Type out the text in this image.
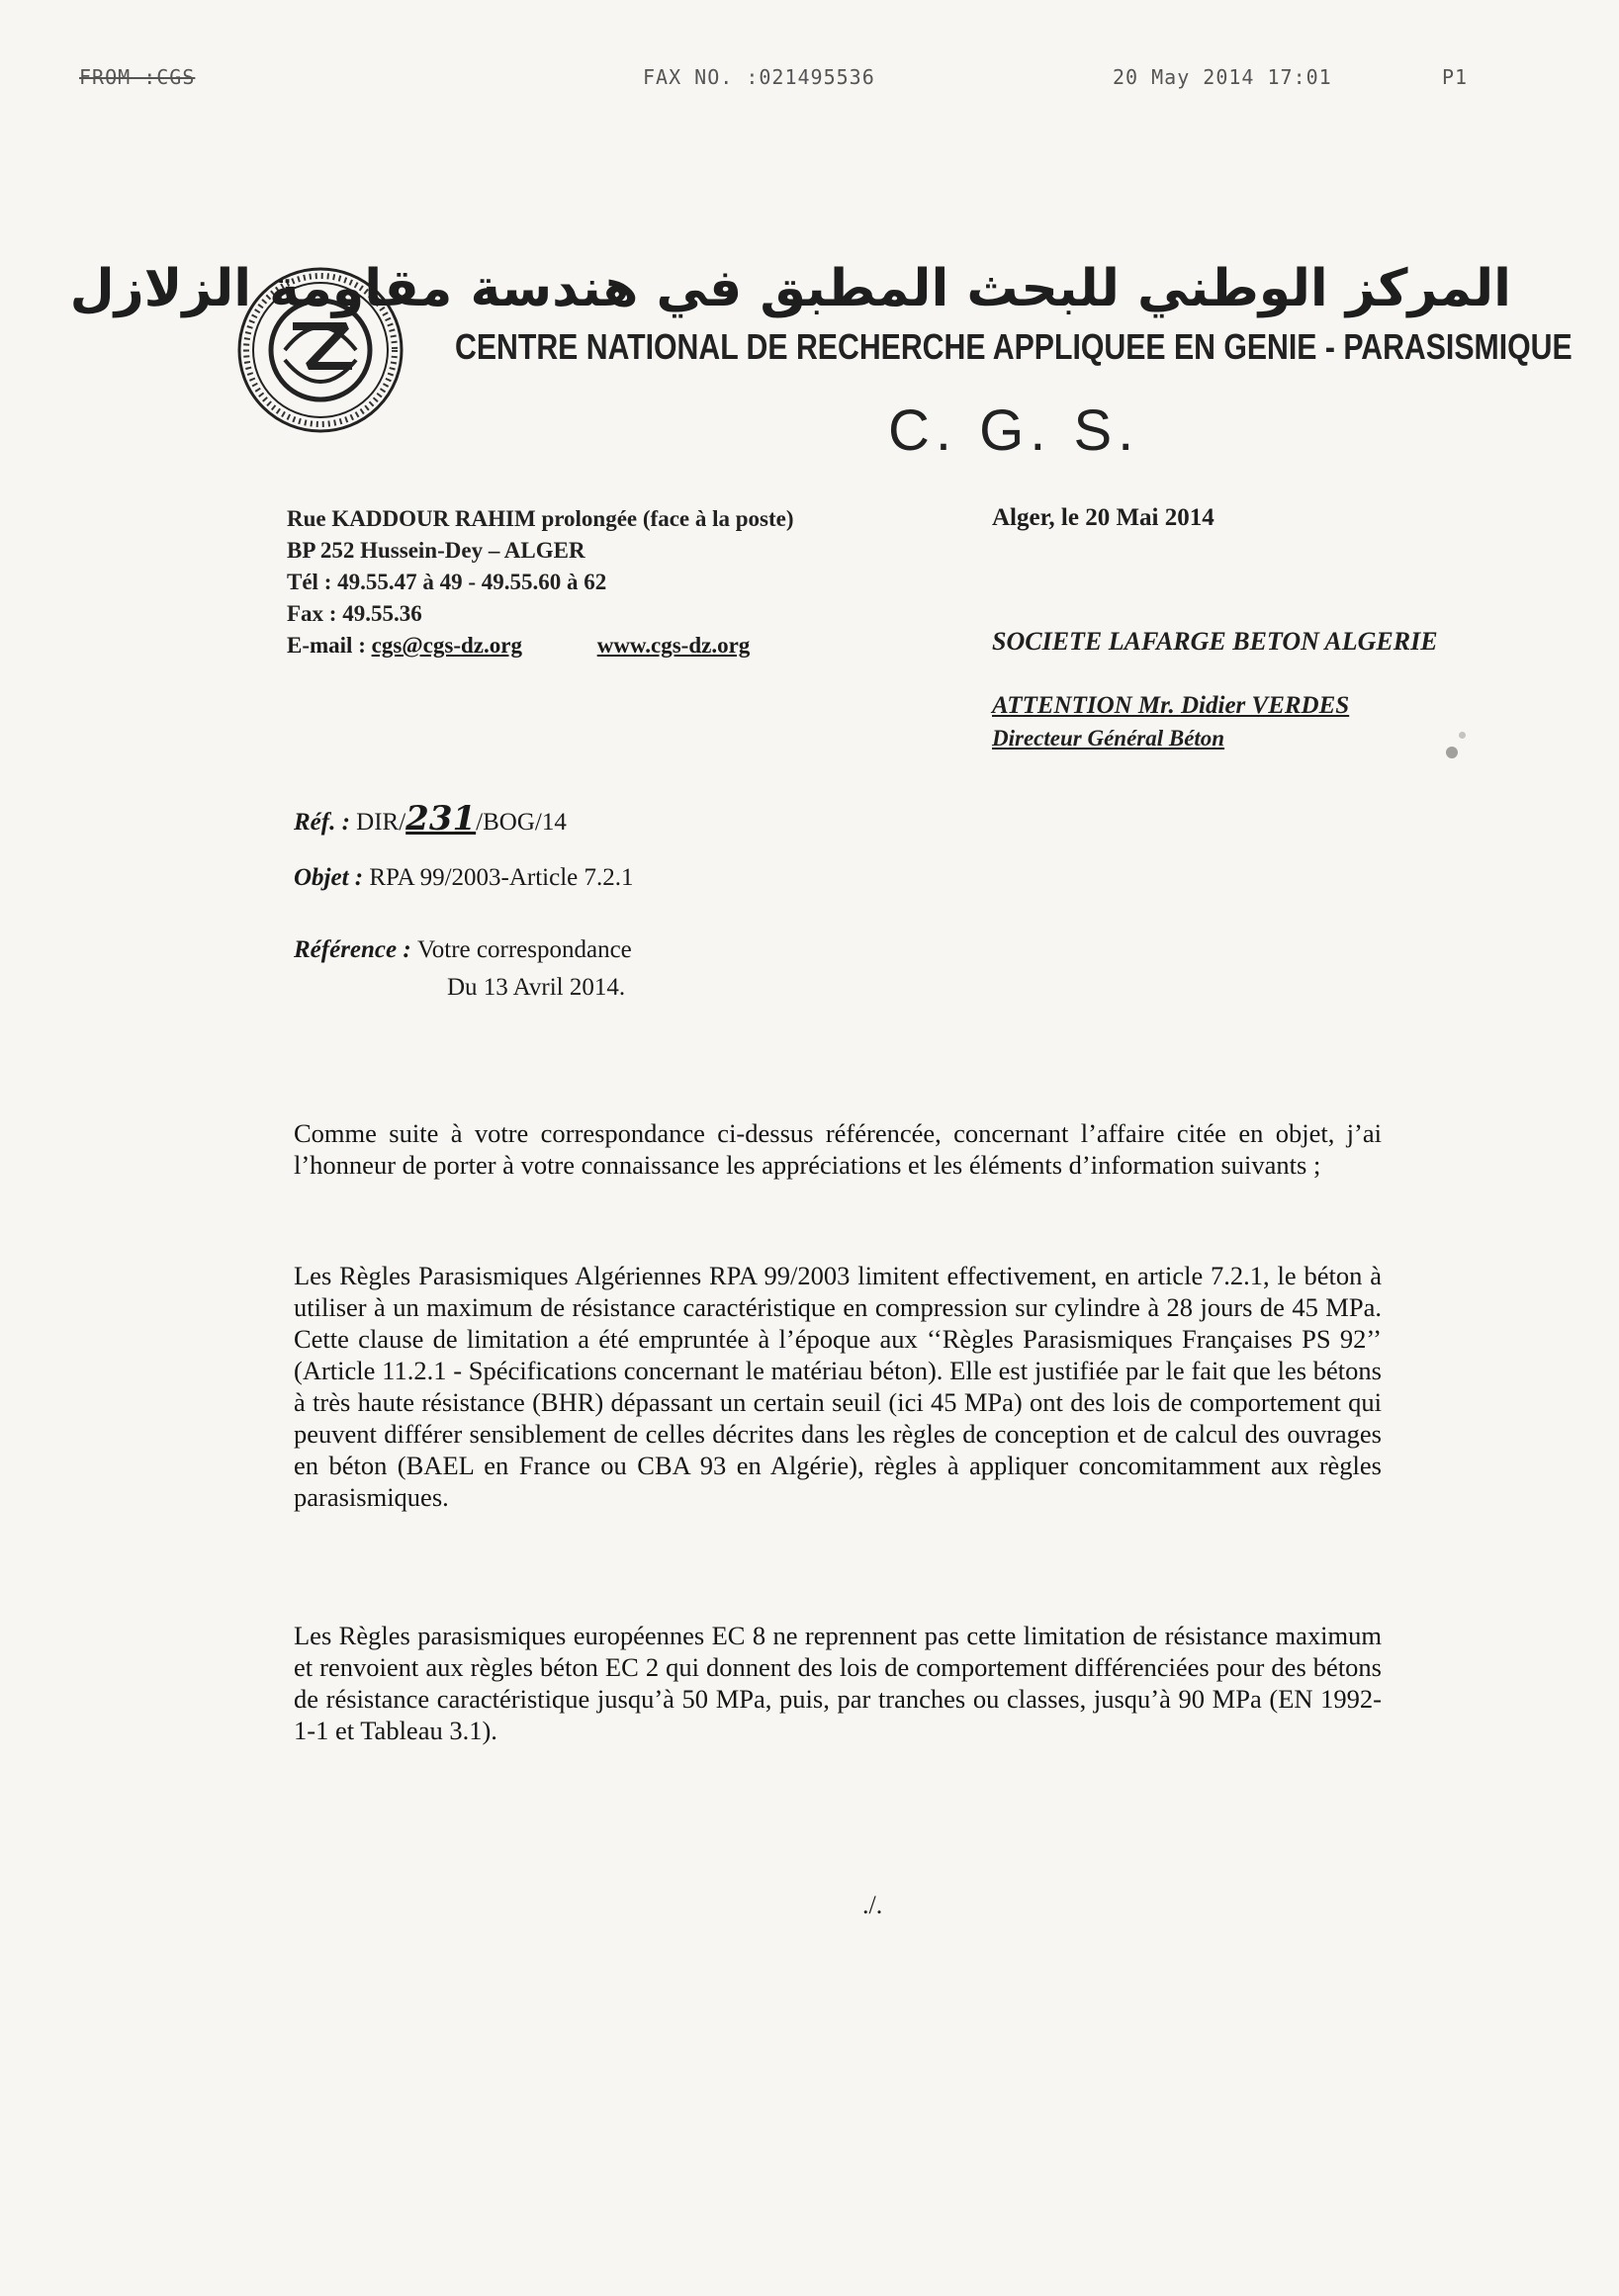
FROM :CGS	FAX NO. :021495536	20 May 2014 17:01	P1
المركز الوطني للبحث المطبق في هندسة مقاومة الزلازل
CENTRE NATIONAL DE RECHERCHE APPLIQUEE EN GENIE - PARASISMIQUE
C. G. S.
Rue KADDOUR RAHIM prolongée (face à la poste)
BP 252 Hussein-Dey – ALGER
Tél : 49.55.47 à 49 - 49.55.60 à 62
Fax : 49.55.36
E-mail : cgs@cgs-dz.org	www.cgs-dz.org
Alger, le 20 Mai 2014
SOCIETE LAFARGE BETON ALGERIE
ATTENTION Mr. Didier VERDES
Directeur Général Béton
Réf. : DIR/231/BOG/14
Objet : RPA 99/2003-Article 7.2.1
Référence : Votre correspondance
Du 13 Avril 2014.
Comme suite à votre correspondance ci-dessus référencée, concernant l’affaire citée en objet, j’ai l’honneur de porter à votre connaissance les appréciations et les éléments d’information suivants ;
Les Règles Parasismiques Algériennes RPA 99/2003 limitent effectivement, en article 7.2.1, le béton à utiliser à un maximum de résistance caractéristique en compression sur cylindre à 28 jours de 45 MPa. Cette clause de limitation a été empruntée à l’époque aux ‘‘Règles Parasismiques Françaises PS 92’’ (Article 11.2.1 - Spécifications concernant le matériau béton). Elle est justifiée par le fait que les bétons à très haute résistance (BHR) dépassant un certain seuil (ici 45 MPa) ont des lois de comportement qui peuvent différer sensiblement de celles décrites dans les règles de conception et de calcul des ouvrages en béton (BAEL en France ou CBA 93 en Algérie), règles à appliquer concomitamment aux règles parasismiques.
Les Règles parasismiques européennes EC 8 ne reprennent pas cette limitation de résistance maximum et renvoient aux règles béton EC 2 qui donnent des lois de comportement différenciées pour des bétons de résistance caractéristique jusqu’à 50 MPa, puis, par tranches ou classes, jusqu’à 90 MPa (EN 1992-1-1 et Tableau 3.1).
./.
